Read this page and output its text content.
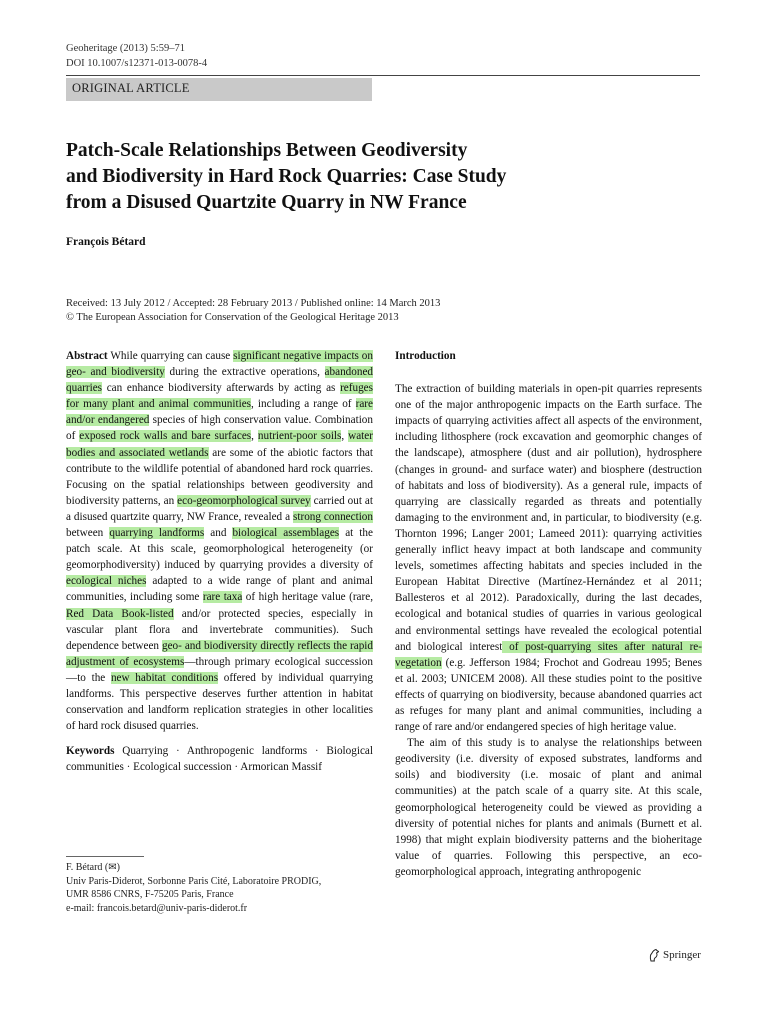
Geoheritage (2013) 5:59–71
DOI 10.1007/s12371-013-0078-4
ORIGINAL ARTICLE
Patch-Scale Relationships Between Geodiversity
and Biodiversity in Hard Rock Quarries: Case Study
from a Disused Quartzite Quarry in NW France
François Bétard
Received: 13 July 2012 / Accepted: 28 February 2013 / Published online: 14 March 2013
© The European Association for Conservation of the Geological Heritage 2013

Abstract While quarrying can cause significant negative impacts on geo- and biodiversity during the extractive operations, abandoned quarries can enhance biodiversity afterwards by acting as refuges for many plant and animal communities, including a range of rare and/or endangered species of high conservation value. Combination of exposed rock walls and bare surfaces, nutrient-poor soils, water bodies and associated wetlands are some of the abiotic factors that contribute to the wildlife potential of abandoned hard rock quarries. Focusing on the spatial relationships between geodiversity and biodiversity patterns, an eco-geomorphological survey carried out at a disused quartzite quarry, NW France, revealed a strong connection between quarrying landforms and biological assemblages at the patch scale. At this scale, geomorphological heterogeneity (or geomorphodiversity) induced by quarrying provides a diversity of ecological niches adapted to a wide range of plant and animal communities, including some rare taxa of high heritage value (rare, Red Data Book-listed and/or protected species, especially in vascular plant flora and invertebrate communities). Such dependence between geo- and biodiversity directly reflects the rapid adjustment of ecosystems—through primary ecological succession—to the new habitat conditions offered by individual quarrying landforms. This perspective deserves further attention in habitat conservation and landform replication strategies in other localities of hard rock disused quarries.

Keywords Quarrying · Anthropogenic landforms · Biological communities · Ecological succession · Armorican Massif

Introduction

The extraction of building materials in open-pit quarries represents one of the major anthropogenic impacts on the Earth surface. The impacts of quarrying activities affect all aspects of the environment, including lithosphere (rock excavation and geomorphic changes of the landscape), atmosphere (dust and air pollution), hydrosphere (changes in ground- and surface water) and biosphere (destruction of habitats and loss of biodiversity). As a general rule, impacts of quarrying are classically regarded as threats and potentially damaging to the environment and, in particular, to biodiversity (e.g. Thornton 1996; Langer 2001; Lameed 2011): quarrying activities generally inflict heavy impact at both landscape and community levels, sometimes affecting habitats and species included in the European Habitat Directive (Martínez-Hernández et al 2011; Ballesteros et al 2012). Paradoxically, during the last decades, ecological and botanical studies of quarries in various geological and environmental settings have revealed the ecological potential and biological interest of post-quarrying sites after natural re-vegetation (e.g. Jefferson 1984; Frochot and Godreau 1995; Benes et al. 2003; UNICEM 2008). All these studies point to the positive effects of quarrying on biodiversity, because abandoned quarries act as refuges for many plant and animal communities, including a range of rare and/or endangered species of high heritage value.

The aim of this study is to analyse the relationships between geodiversity (i.e. diversity of exposed substrates, landforms and soils) and biodiversity (i.e. mosaic of plant and animal communities) at the patch scale of a quarry site. At this scale, geomorphological heterogeneity could be viewed as providing a diversity of potential niches for plants and animals (Burnett et al. 1998) that might explain biodiversity patterns and the bioheritage value of quarries. Following this perspective, an eco-geomorphological approach, integrating anthropogenic

F. Bétard (✉)
Univ Paris-Diderot, Sorbonne Paris Cité, Laboratoire PRODIG,
UMR 8586 CNRS, F-75205 Paris, France
e-mail: francois.betard@univ-paris-diderot.fr
Springer
